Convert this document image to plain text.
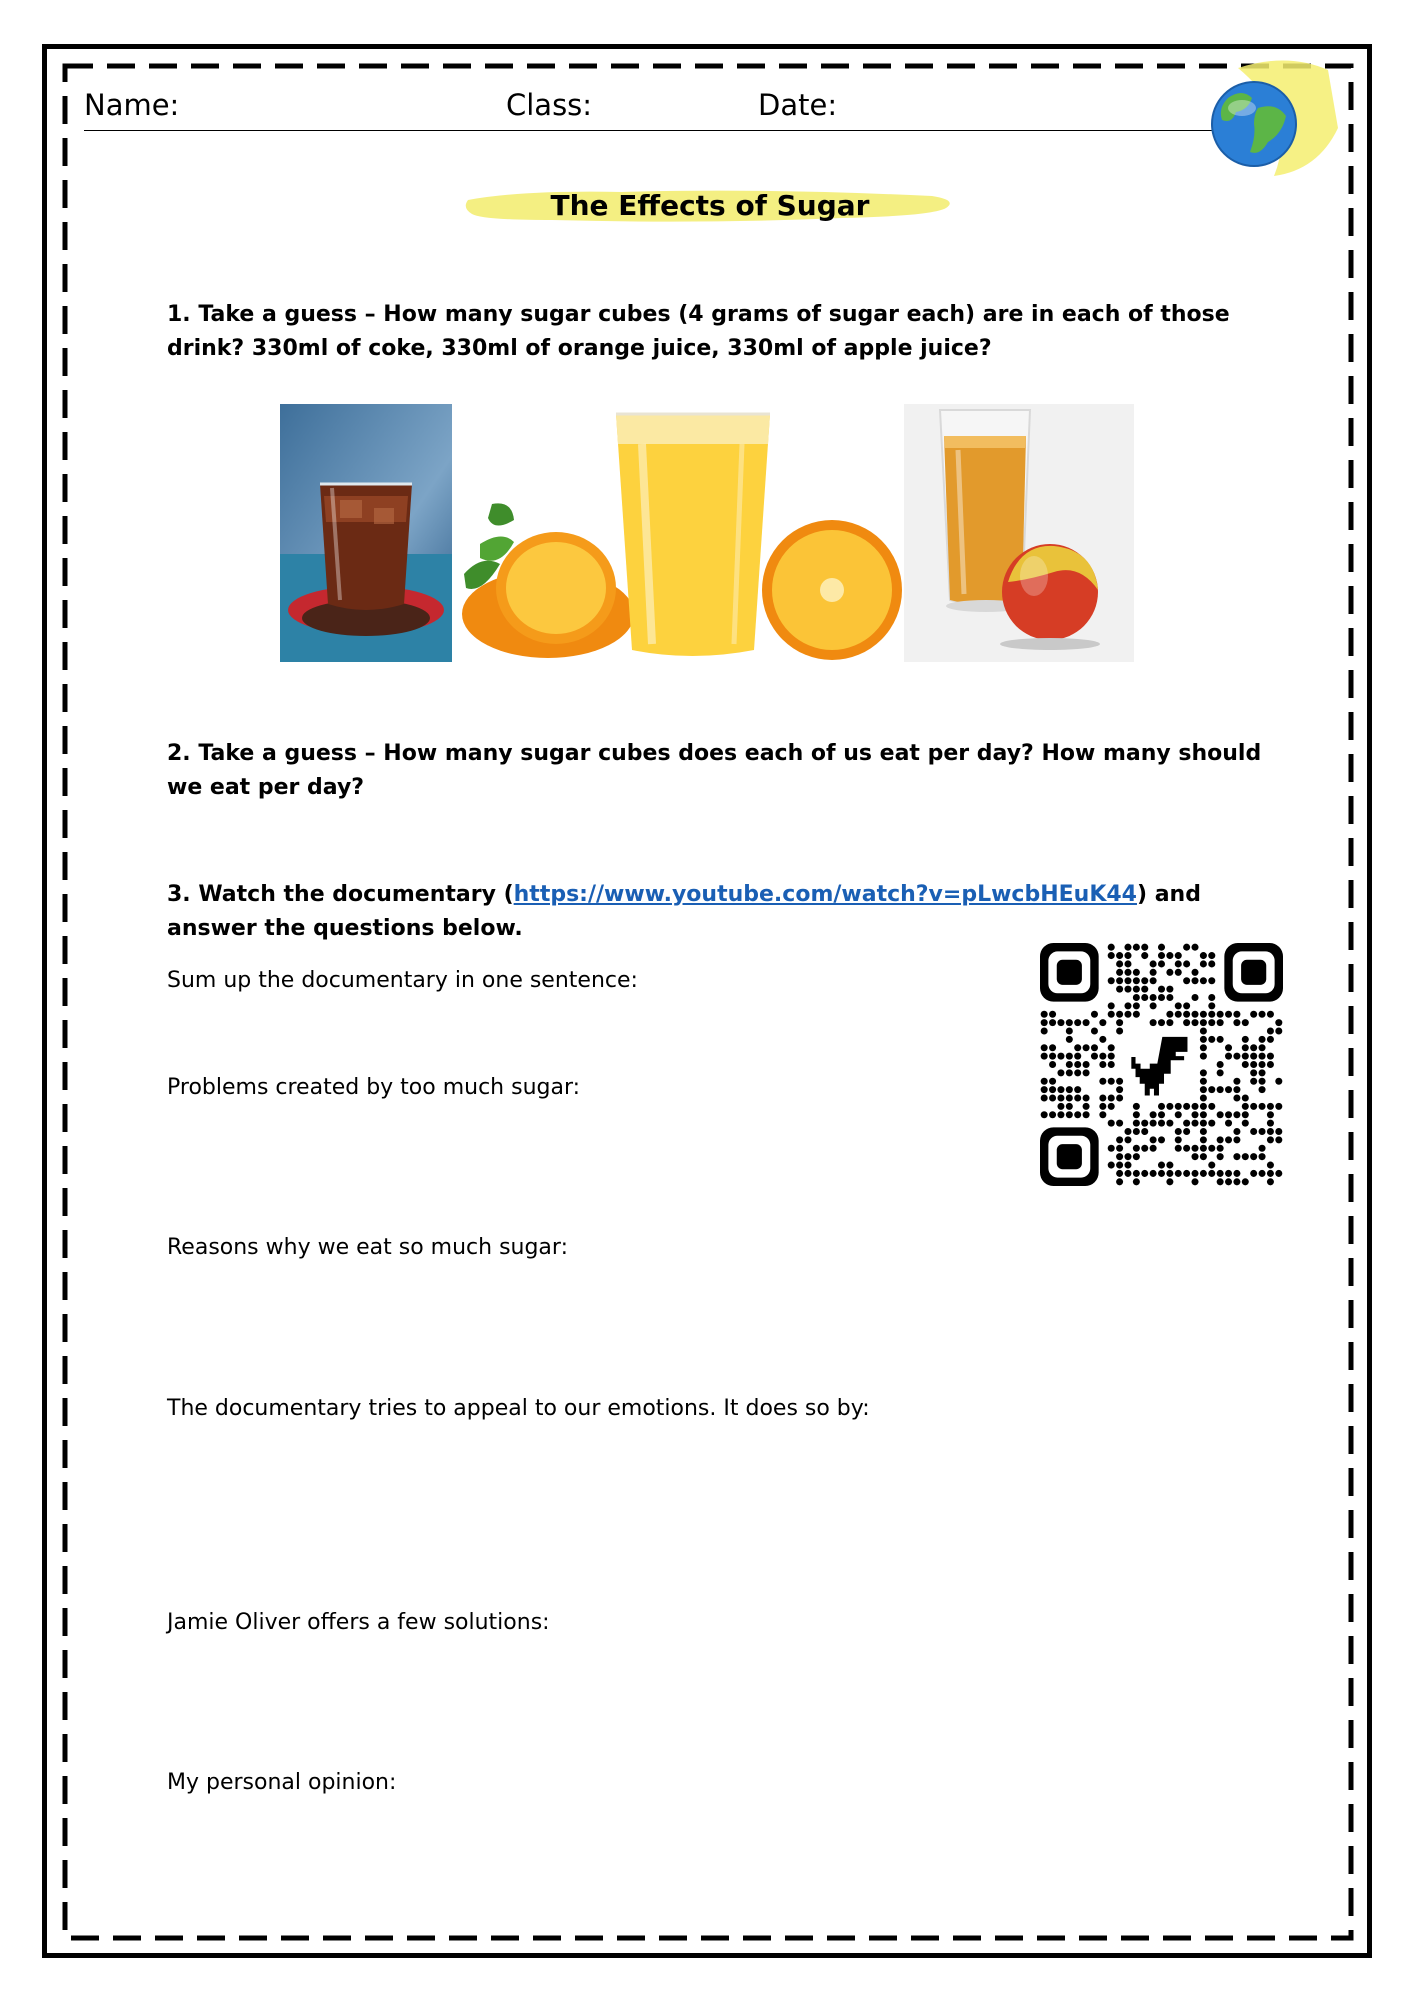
Name:	Class:	Date:
The Effects of Sugar
1. Take a guess – How many sugar cubes (4 grams of sugar each) are in each of those drink? 330ml of coke, 330ml of orange juice, 330ml of apple juice?
2. Take a guess – How many sugar cubes does each of us eat per day? How many should we eat per day?
3. Watch the documentary (https://www.youtube.com/watch?v=pLwcbHEuK44) and answer the questions below.
Sum up the documentary in one sentence:
Problems created by too much sugar:
Reasons why we eat so much sugar:
The documentary tries to appeal to our emotions. It does so by:
Jamie Oliver offers a few solutions:
My personal opinion:
